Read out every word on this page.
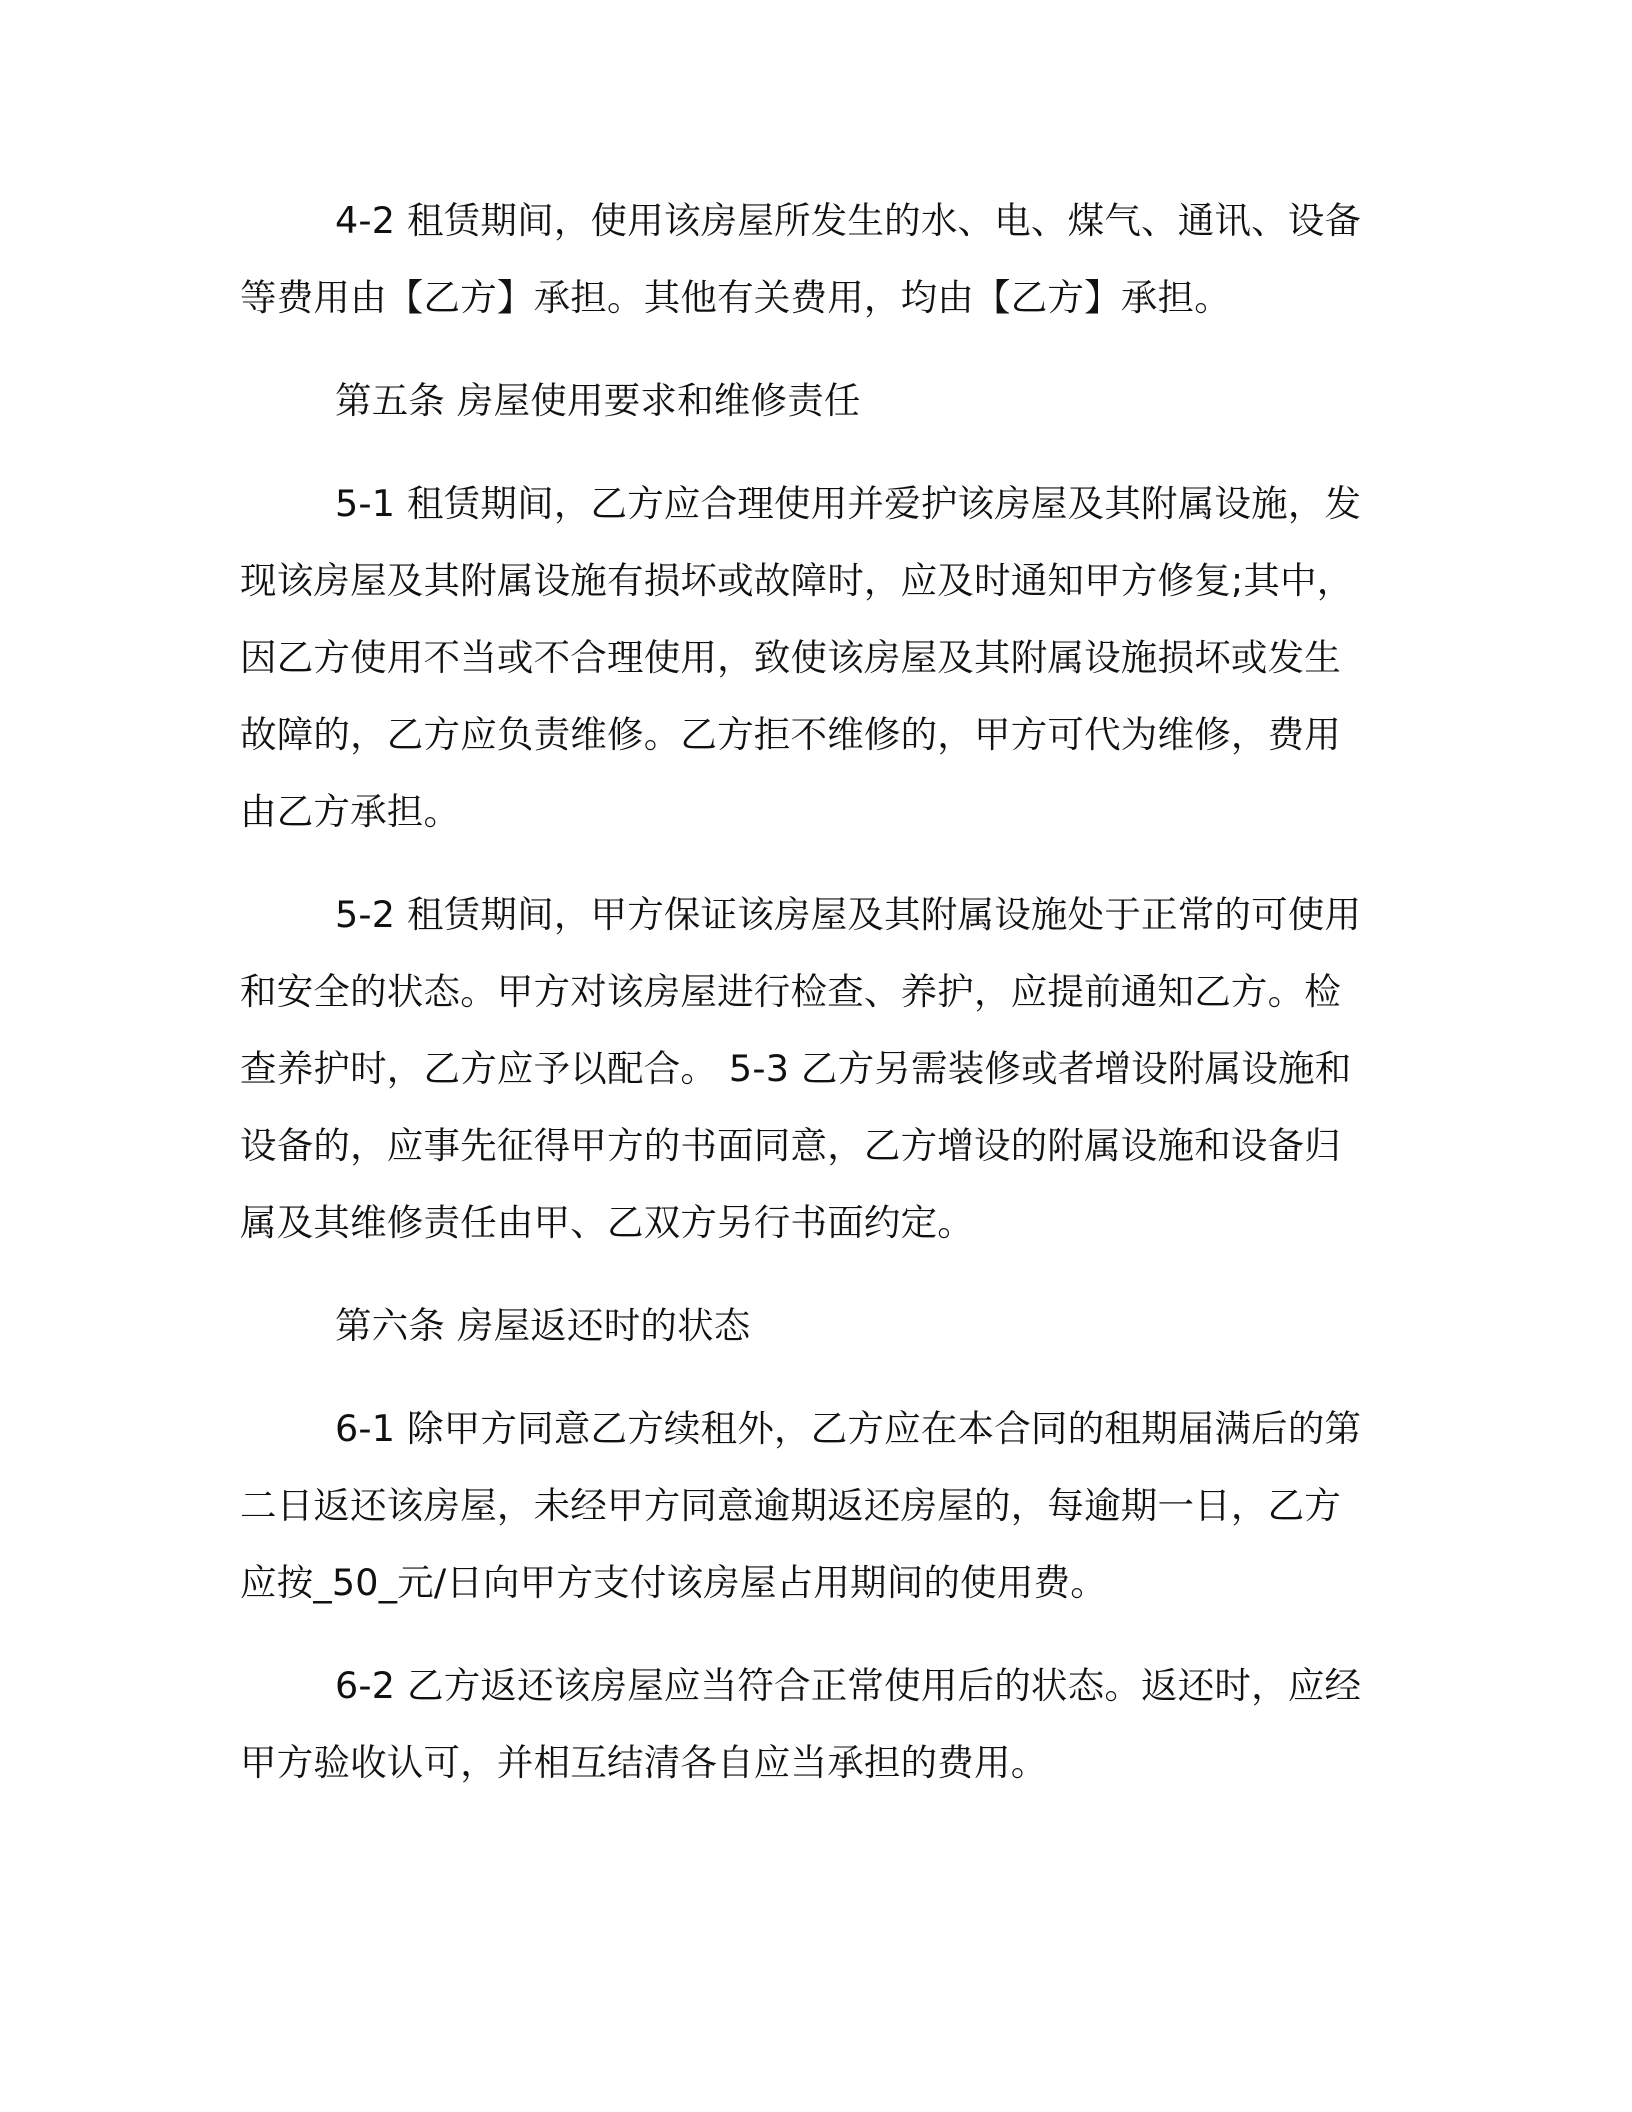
4-2 租赁期间，使用该房屋所发生的水、电、煤气、通讯、设备等费用由【乙方】承担。其他有关费用，均由【乙方】承担。

第五条 房屋使用要求和维修责任

5-1 租赁期间，乙方应合理使用并爱护该房屋及其附属设施，发现该房屋及其附属设施有损坏或故障时，应及时通知甲方修复;其中，因乙方使用不当或不合理使用，致使该房屋及其附属设施损坏或发生故障的，乙方应负责维修。乙方拒不维修的，甲方可代为维修，费用由乙方承担。

5-2 租赁期间，甲方保证该房屋及其附属设施处于正常的可使用和安全的状态。甲方对该房屋进行检查、养护，应提前通知乙方。检查养护时，乙方应予以配合。 5-3 乙方另需装修或者增设附属设施和设备的，应事先征得甲方的书面同意，乙方增设的附属设施和设备归属及其维修责任由甲、乙双方另行书面约定。

第六条 房屋返还时的状态

6-1 除甲方同意乙方续租外，乙方应在本合同的租期届满后的第二日返还该房屋，未经甲方同意逾期返还房屋的，每逾期一日，乙方应按_50_元/日向甲方支付该房屋占用期间的使用费。

6-2 乙方返还该房屋应当符合正常使用后的状态。返还时，应经甲方验收认可，并相互结清各自应当承担的费用。
